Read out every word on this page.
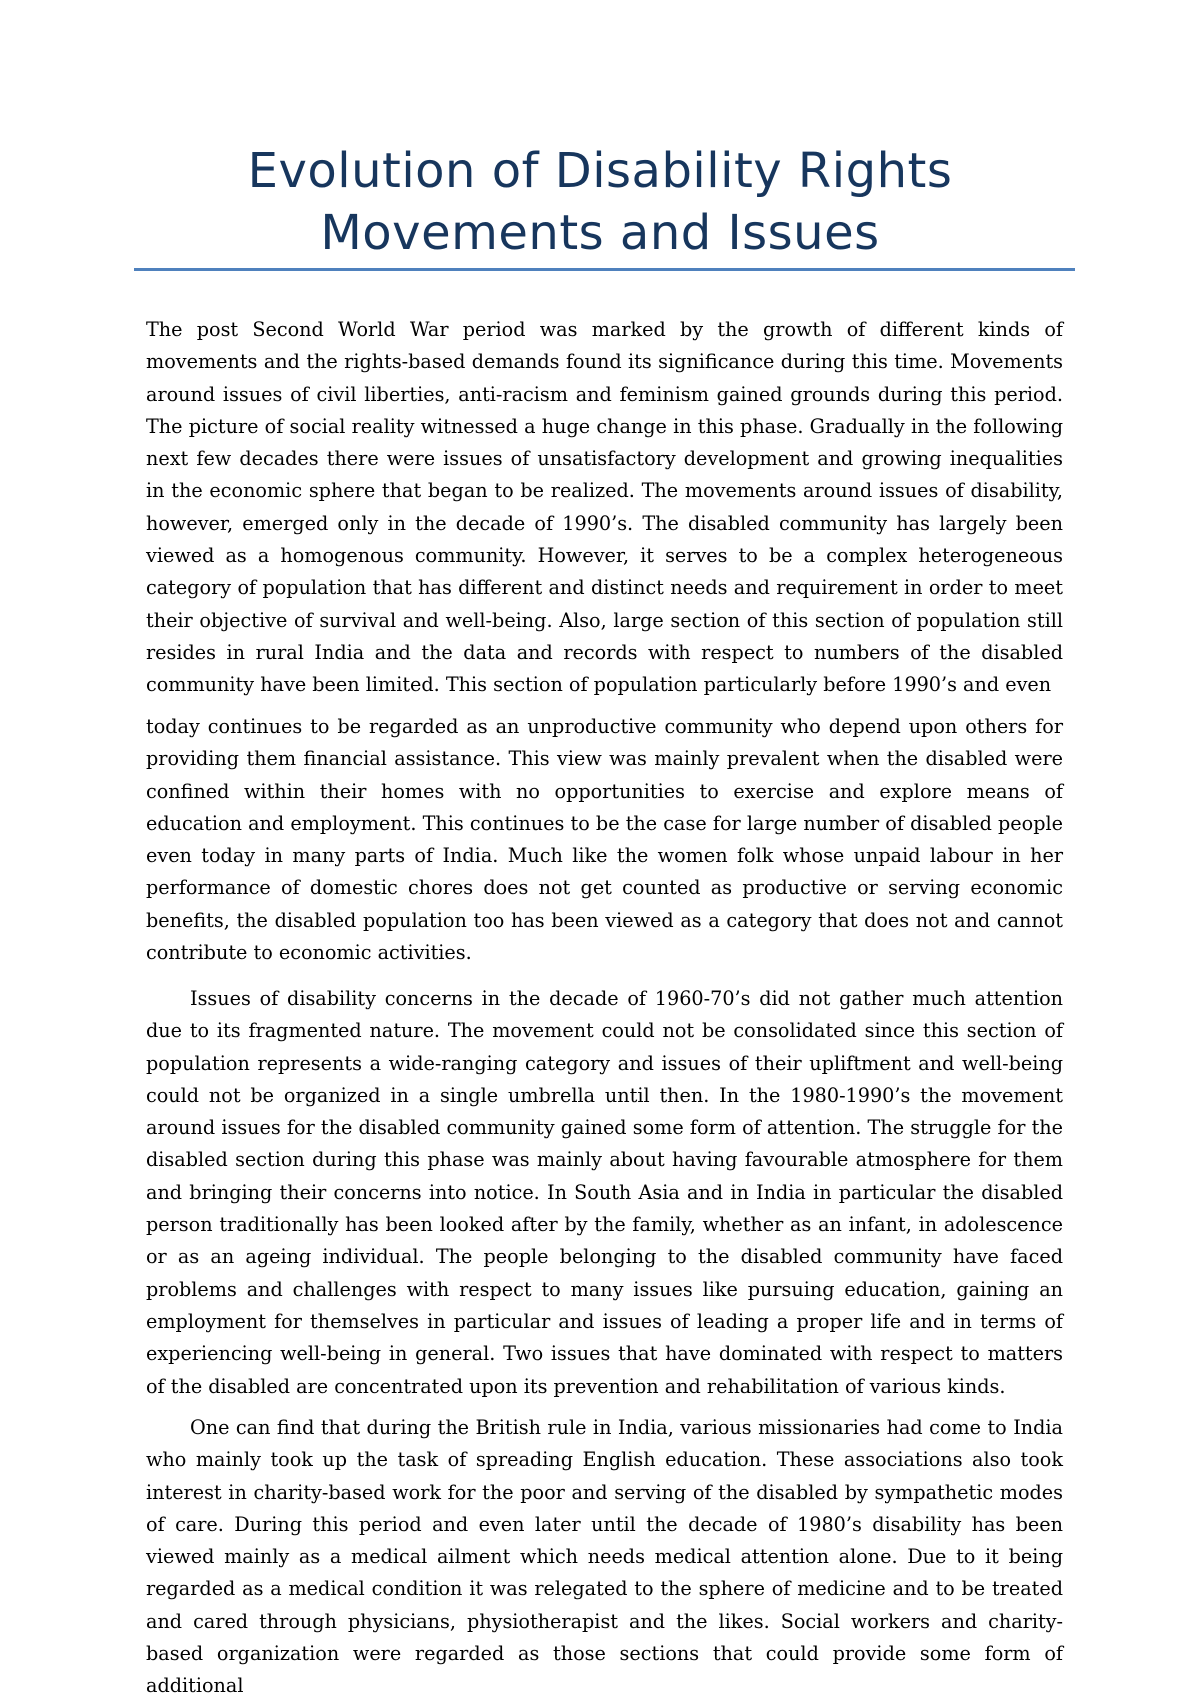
Evolution of Disability Rights
Movements and Issues

The post Second World War period was marked by the growth of different kinds of movements and the rights-based demands found its significance during this time. Movements around issues of civil liberties, anti-racism and feminism gained grounds during this period. The picture of social reality witnessed a huge change in this phase. Gradually in the following next few decades there were issues of unsatisfactory development and growing inequalities in the economic sphere that began to be realized. The movements around issues of disability, however, emerged only in the decade of 1990’s. The disabled community has largely been viewed as a homogenous community. However, it serves to be a complex heterogeneous category of population that has different and distinct needs and requirement in order to meet their objective of survival and well-being. Also, large section of this section of population still resides in rural India and the data and records with respect to numbers of the disabled community have been limited. This section of population particularly before 1990’s and even

today continues to be regarded as an unproductive community who depend upon others for providing them financial assistance. This view was mainly prevalent when the disabled were confined within their homes with no opportunities to exercise and explore means of education and employment. This continues to be the case for large number of disabled people even today in many parts of India. Much like the women folk whose unpaid labour in her performance of domestic chores does not get counted as productive or serving economic benefits, the disabled population too has been viewed as a category that does not and cannot contribute to economic activities.

Issues of disability concerns in the decade of 1960-70’s did not gather much attention due to its fragmented nature. The movement could not be consolidated since this section of population represents a wide-ranging category and issues of their upliftment and well-being could not be organized in a single umbrella until then. In the 1980-1990’s the movement around issues for the disabled community gained some form of attention. The struggle for the disabled section during this phase was mainly about having favourable atmosphere for them and bringing their concerns into notice. In South Asia and in India in particular the disabled person traditionally has been looked after by the family, whether as an infant, in adolescence or as an ageing individual. The people belonging to the disabled community have faced problems and challenges with respect to many issues like pursuing education, gaining an employment for themselves in particular and issues of leading a proper life and in terms of experiencing well-being in general. Two issues that have dominated with respect to matters of the disabled are concentrated upon its prevention and rehabilitation of various kinds.

One can find that during the British rule in India, various missionaries had come to India who mainly took up the task of spreading English education. These associations also took interest in charity-based work for the poor and serving of the disabled by sympathetic modes of care. During this period and even later until the decade of 1980’s disability has been viewed mainly as a medical ailment which needs medical attention alone. Due to it being regarded as a medical condition it was relegated to the sphere of medicine and to be treated and cared through physicians, physiotherapist and the likes. Social workers and charity-based organization were regarded as those sections that could provide some form of additional
